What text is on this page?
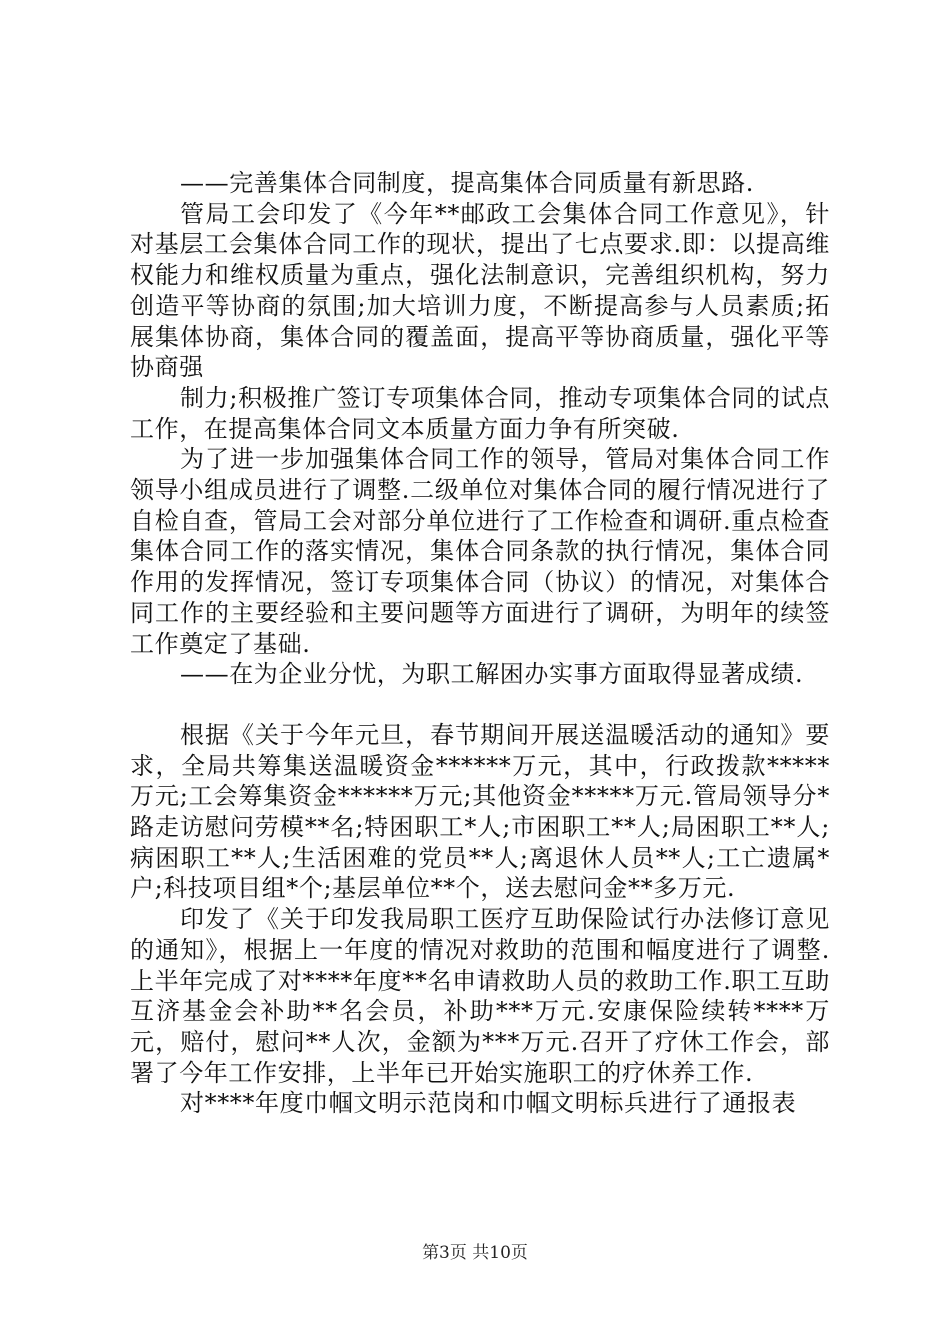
——完善集体合同制度，提高集体合同质量有新思路.

管局工会印发了《今年**邮政工会集体合同工作意见》，针对基层工会集体合同工作的现状，提出了七点要求.即：以提高维权能力和维权质量为重点，强化法制意识，完善组织机构，努力创造平等协商的氛围;加大培训力度，不断提高参与人员素质;拓展集体协商，集体合同的覆盖面，提高平等协商质量，强化平等协商强

制力;积极推广签订专项集体合同，推动专项集体合同的试点工作，在提高集体合同文本质量方面力争有所突破.

为了进一步加强集体合同工作的领导，管局对集体合同工作领导小组成员进行了调整.二级单位对集体合同的履行情况进行了自检自查，管局工会对部分单位进行了工作检查和调研.重点检查集体合同工作的落实情况，集体合同条款的执行情况，集体合同作用的发挥情况，签订专项集体合同（协议）的情况，对集体合同工作的主要经验和主要问题等方面进行了调研，为明年的续签工作奠定了基础.

——在为企业分忧，为职工解困办实事方面取得显著成绩.

根据《关于今年元旦，春节期间开展送温暖活动的通知》要求，全局共筹集送温暖资金******万元，其中，行政拨款*****万元;工会筹集资金******万元;其他资金*****万元.管局领导分*路走访慰问劳模**名;特困职工*人;市困职工**人;局困职工**人;病困职工**人;生活困难的党员**人;离退休人员**人;工亡遗属*户;科技项目组*个;基层单位**个，送去慰问金**多万元.

印发了《关于印发我局职工医疗互助保险试行办法修订意见的通知》，根据上一年度的情况对救助的范围和幅度进行了调整.上半年完成了对****年度**名申请救助人员的救助工作.职工互助互济基金会补助**名会员，补助***万元.安康保险续转****万元，赔付，慰问**人次，金额为***万元.召开了疗休工作会，部署了今年工作安排，上半年已开始实施职工的疗休养工作.

对****年度巾帼文明示范岗和巾帼文明标兵进行了通报表

第3页 共10页
